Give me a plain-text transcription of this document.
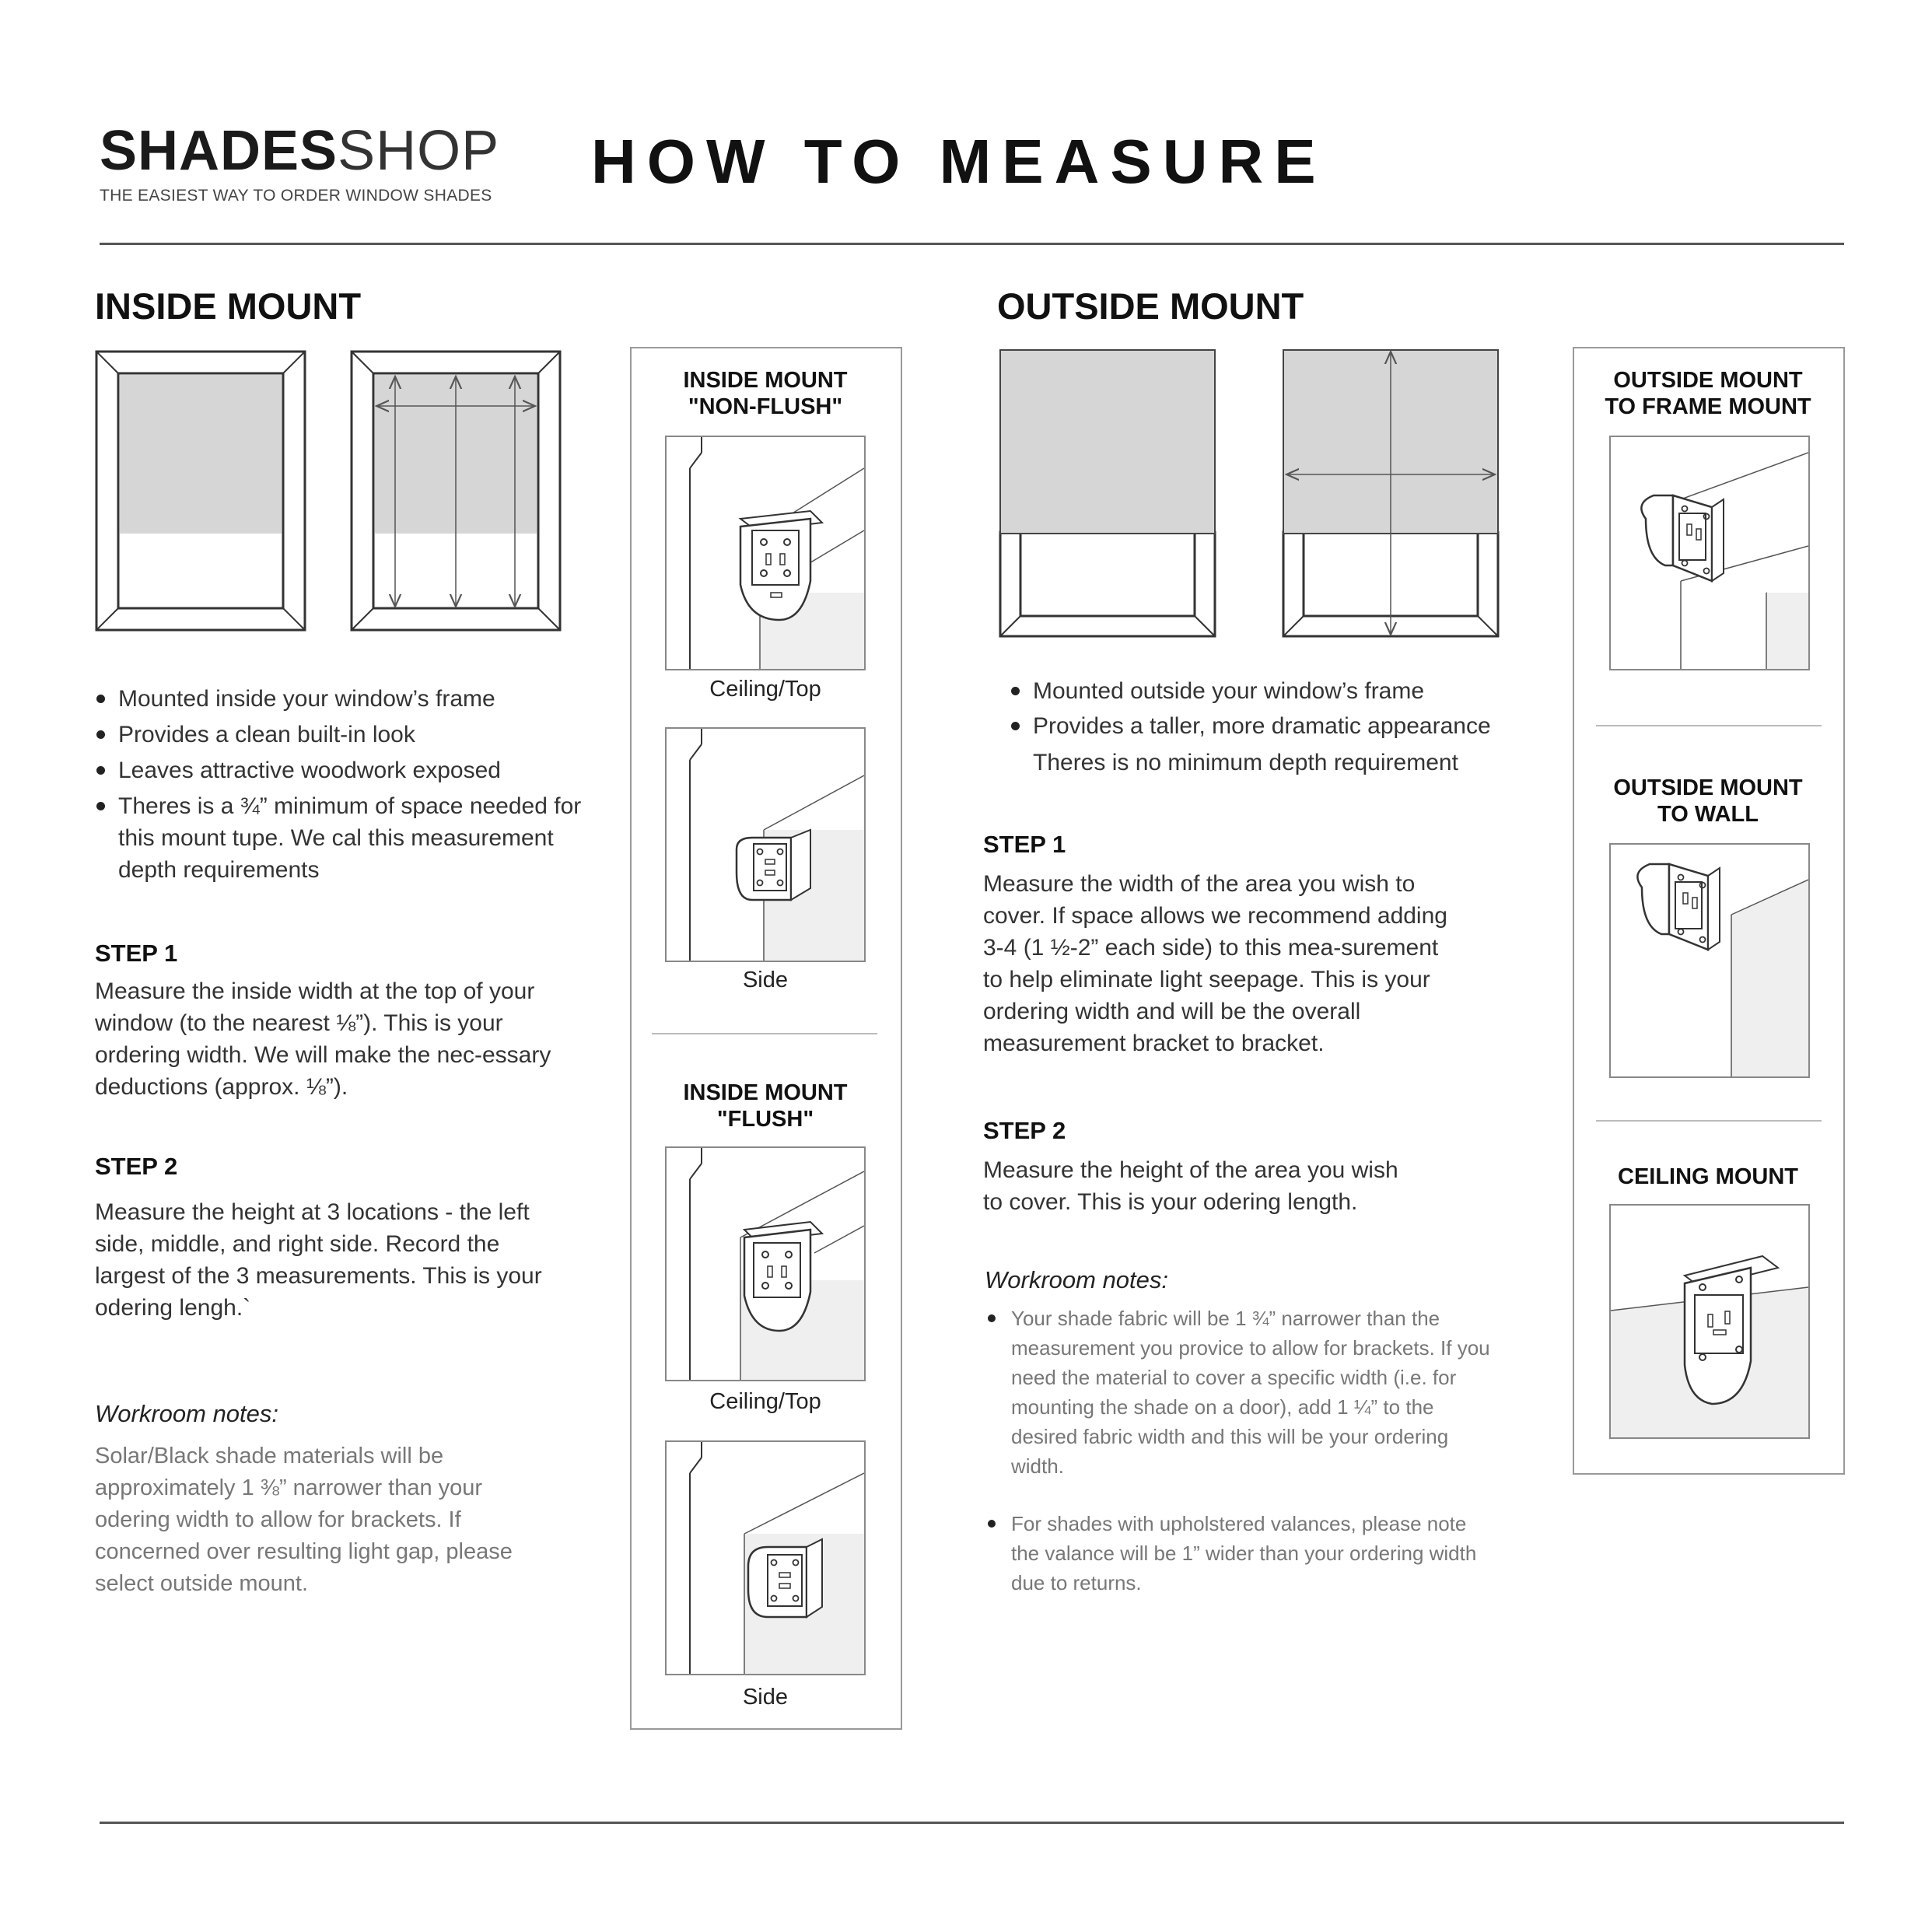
SHADESSHOP
THE EASIEST WAY TO ORDER WINDOW SHADES HOW TO MEASURE
INSIDE MOUNT
Mounted inside your window’s frame
Provides a clean built-in look
Leaves attractive woodwork exposed
Theres is a ¾” minimum of space needed for this mount tupe. We cal this measurement depth requirements
STEP 1
Measure the inside width at the top of your window (to the nearest ⅛”). This is your ordering width. We will make the nec-essary deductions (approx. ⅛”).
STEP 2
Measure the height at 3 locations - the left side, middle, and right side. Record the largest of the 3 measurements. This is your odering lengh.`
Workroom notes:
Solar/Black shade materials will be approximately 1 ⅜” narrower than your odering width to allow for brackets. If concerned over resulting light gap, please select outside mount.
INSIDE MOUNT
"NON-FLUSH"
Ceiling/Top
Side
INSIDE MOUNT
"FLUSH"
Ceiling/Top
Side
OUTSIDE MOUNT
Mounted outside your window’s frame
Provides a taller, more dramatic appearance
Theres is no minimum depth requirement
STEP 1
Measure the width of the area you wish to cover. If space allows we recommend adding 3-4 (1 ½-2” each side) to this mea-surement to help eliminate light seepage. This is your ordering width and will be the overall measurement bracket to bracket.
STEP 2
Measure the height of the area you wish to cover. This is your odering length.
Workroom notes:
Your shade fabric will be 1 ¾” narrower than the measurement you provice to allow for brackets. If you need the material to cover a specific width (i.e. for mounting the shade on a door), add 1 ¼” to the desired fabric width and this will be your ordering width.
For shades with upholstered valances, please note the valance will be 1” wider than your ordering width due to returns.
OUTSIDE MOUNT
TO FRAME MOUNT
OUTSIDE MOUNT
TO WALL
CEILING MOUNT
